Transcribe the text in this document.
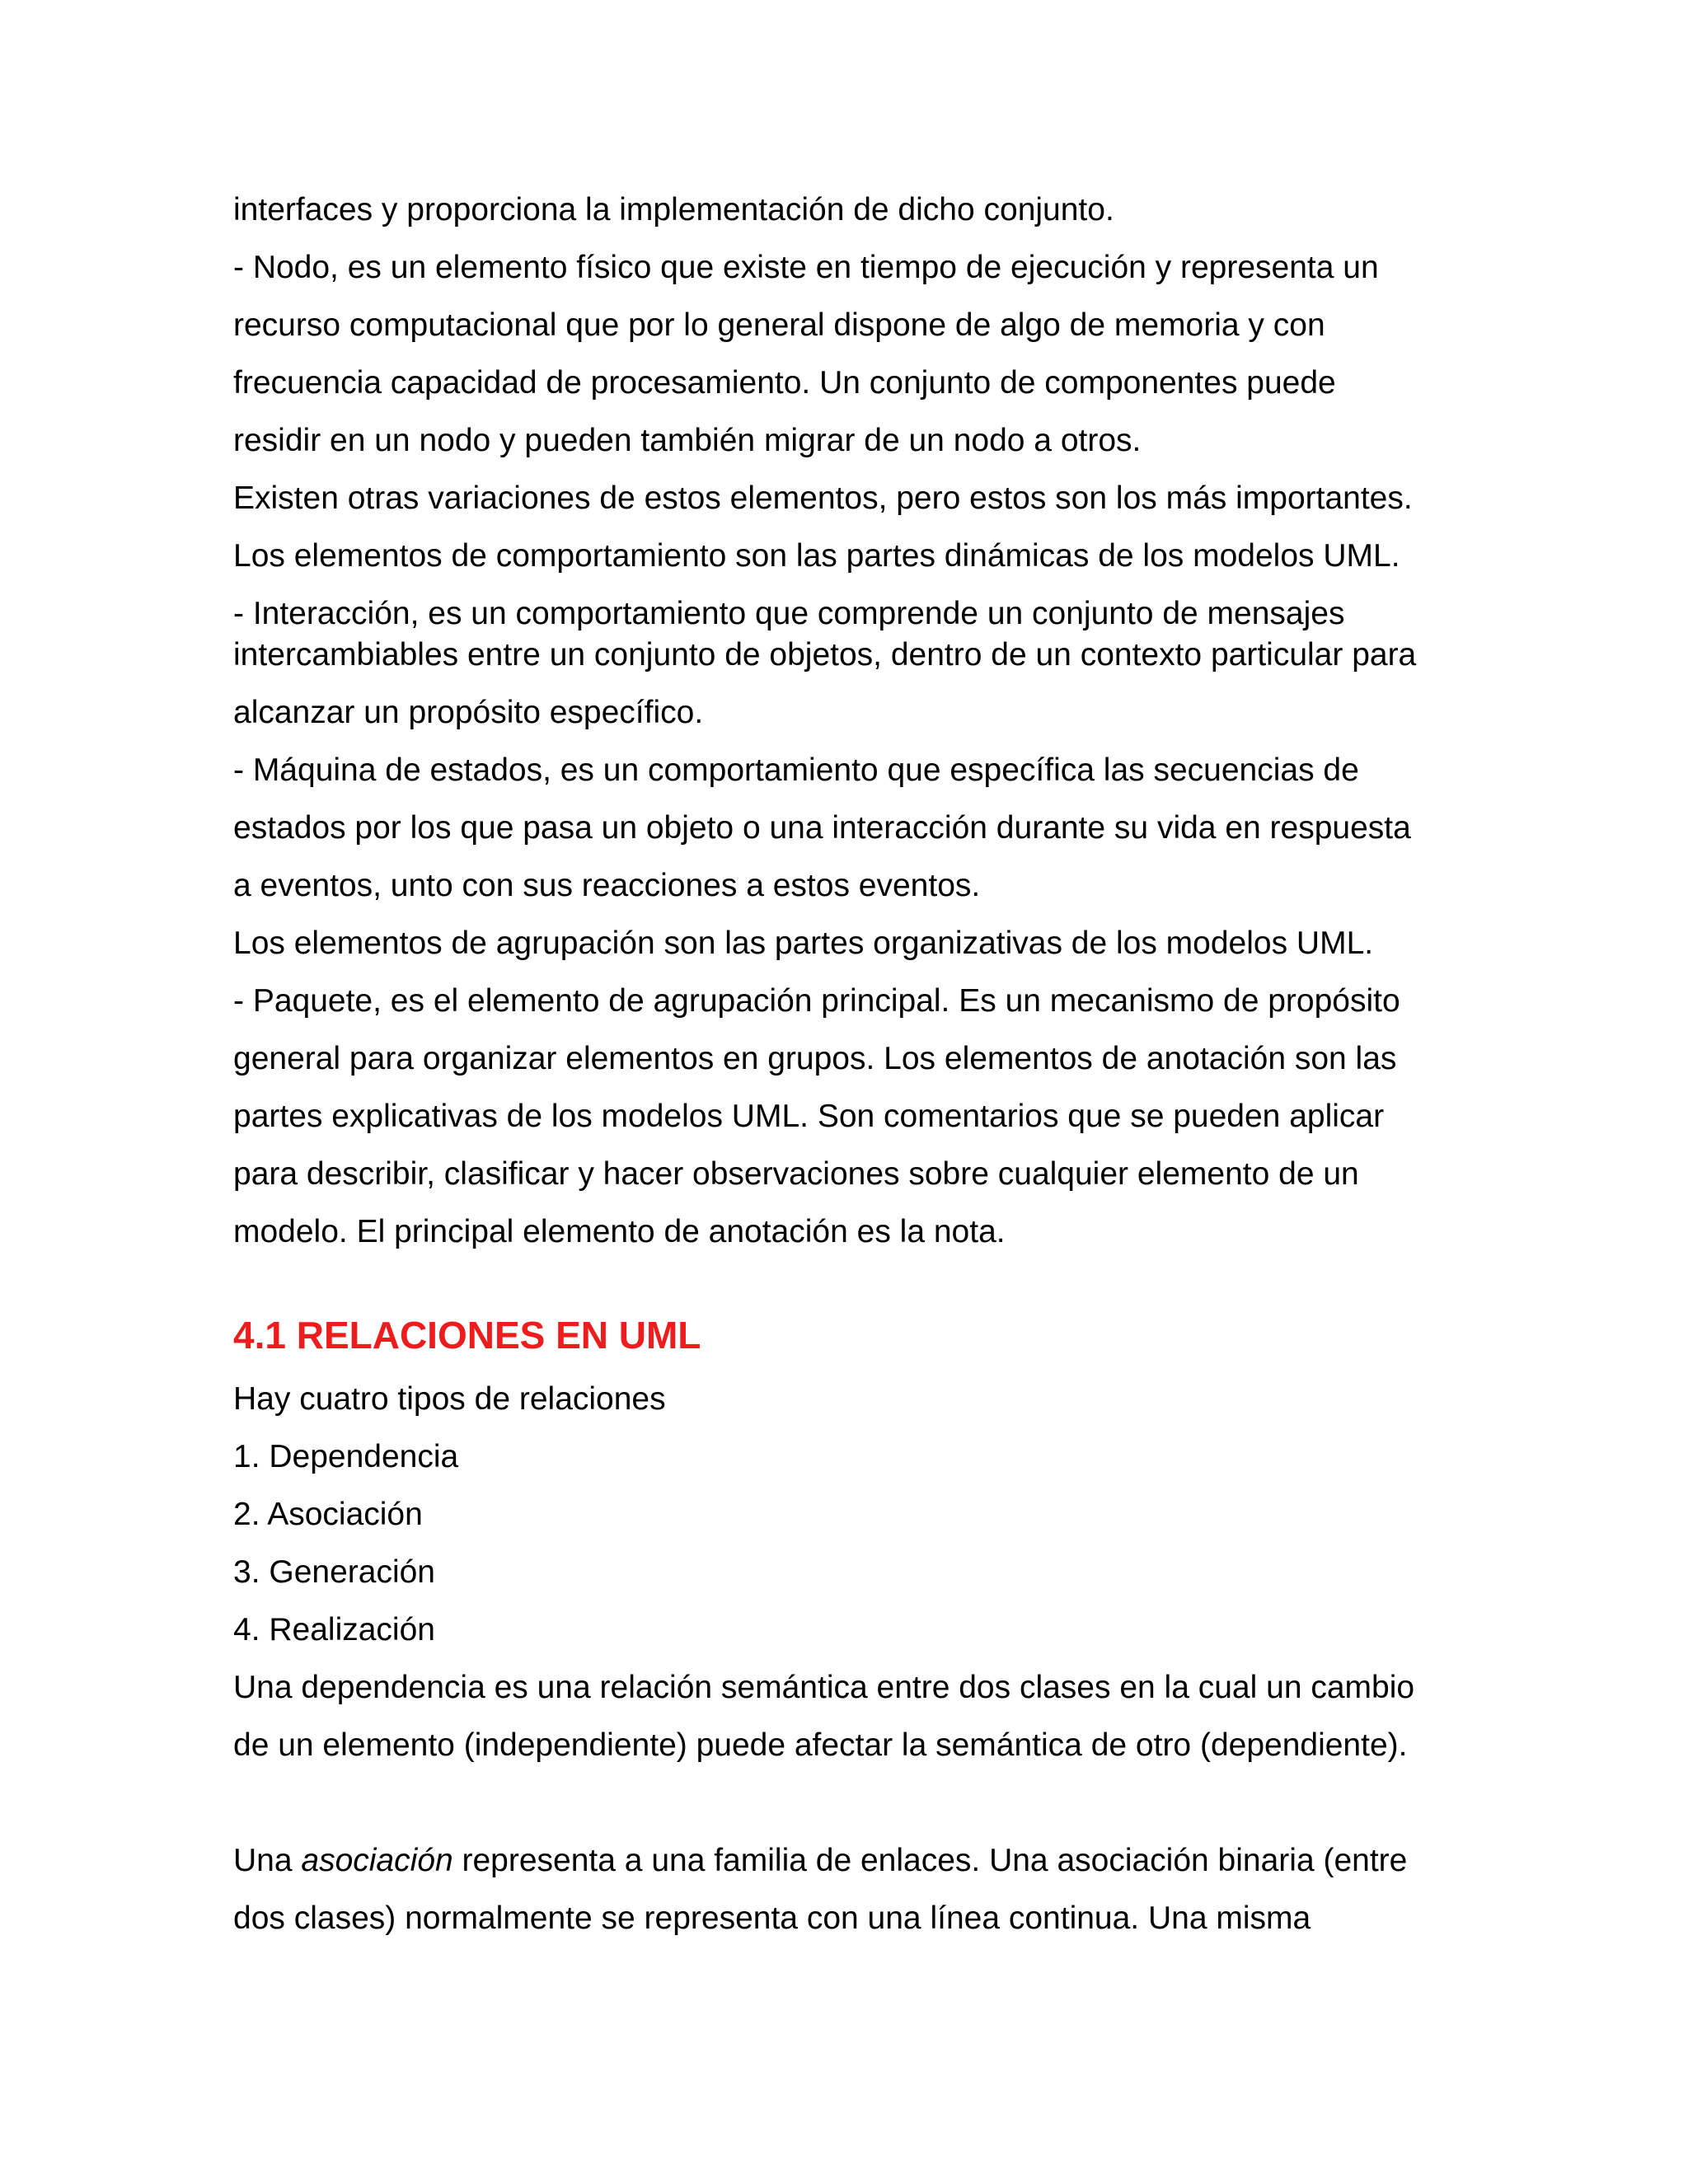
interfaces y proporciona la implementación de dicho conjunto.

- Nodo, es un elemento físico que existe en tiempo de ejecución y representa un

recurso computacional que por lo general dispone de algo de memoria y con

frecuencia capacidad de procesamiento. Un conjunto de componentes puede

residir en un nodo y pueden también migrar de un nodo a otros.

Existen otras variaciones de estos elementos, pero estos son los más importantes.

Los elementos de comportamiento son las partes dinámicas de los modelos UML.

- Interacción, es un comportamiento que comprende un conjunto de mensajes

intercambiables entre un conjunto de objetos, dentro de un contexto particular para

alcanzar un propósito específico.

- Máquina de estados, es un comportamiento que específica las secuencias de

estados por los que pasa un objeto o una interacción durante su vida en respuesta

a eventos, unto con sus reacciones a estos eventos.

Los elementos de agrupación son las partes organizativas de los modelos UML.

- Paquete, es el elemento de agrupación principal. Es un mecanismo de propósito

general para organizar elementos en grupos. Los elementos de anotación son las

partes explicativas de los modelos UML. Son comentarios que se pueden aplicar

para describir, clasificar y hacer observaciones sobre cualquier elemento de un

modelo. El principal elemento de anotación es la nota.

4.1 RELACIONES EN UML

Hay cuatro tipos de relaciones

1. Dependencia

2. Asociación

3. Generación

4. Realización

Una dependencia es una relación semántica entre dos clases en la cual un cambio

de un elemento (independiente) puede afectar la semántica de otro (dependiente).

Una asociación representa a una familia de enlaces. Una asociación binaria (entre

dos clases) normalmente se representa con una línea continua. Una misma
